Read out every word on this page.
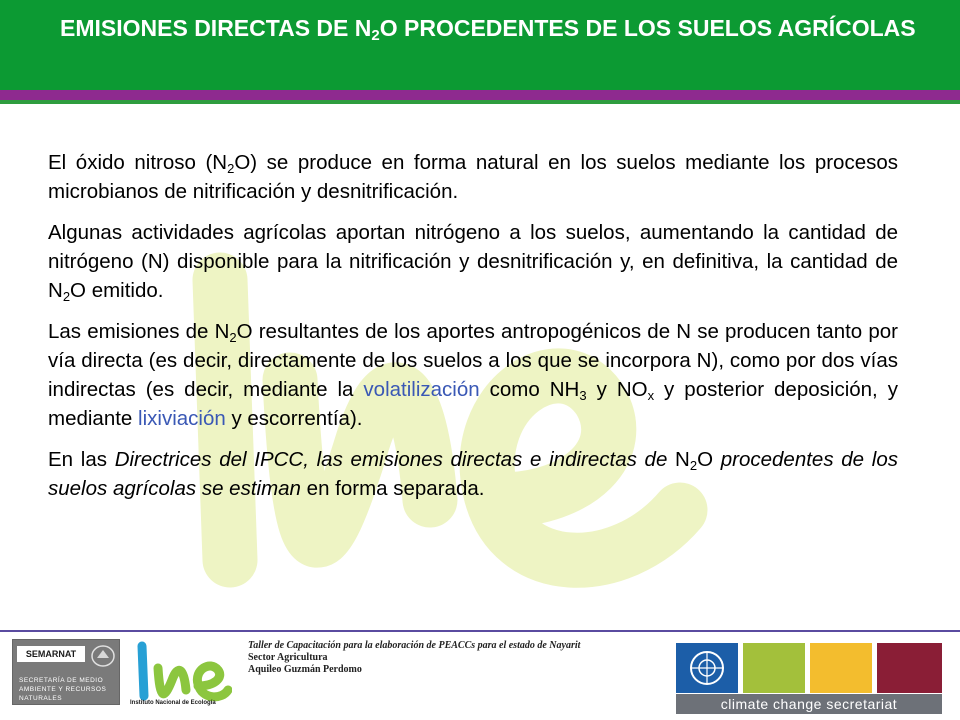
EMISIONES DIRECTAS DE $N_2O$ PROCEDENTES DE LOS SUELOS AGRÍCOLAS

El óxido nitroso $(N_2O)$ se produce en forma natural en los suelos mediante los procesos microbianos de nitrificación y desnitrificación.

Algunas actividades agrícolas aportan nitrógeno a los suelos, aumentando la cantidad de nitrógeno (N) disponible para la nitrificación y desnitrificación y, en definitiva, la cantidad de $N_2O$ emitido.

Las emisiones de $N_2O$ resultantes de los aportes antropogénicos de N se producen tanto por vía directa (es decir, directamente de los suelos a los que se incorpora N), como por dos vías indirectas (es decir, mediante la volatilización como $NH_3$ y $NO_x$ y posterior deposición, y mediante lixiviación y escorrentía).

En las Directrices del IPCC, las emisiones directas e indirectas de $N_2O$ procedentes de los suelos agrícolas se estiman en forma separada.

SEMARNAT
SECRETARÍA DE MEDIO AMBIENTE Y RECURSOS NATURALES
Instituto Nacional de Ecología
Taller de Capacitación para la elaboración de PEACCs para el estado de Nayarit
Sector Agricultura
Aquileo Guzmán Perdomo
climate change secretariat
